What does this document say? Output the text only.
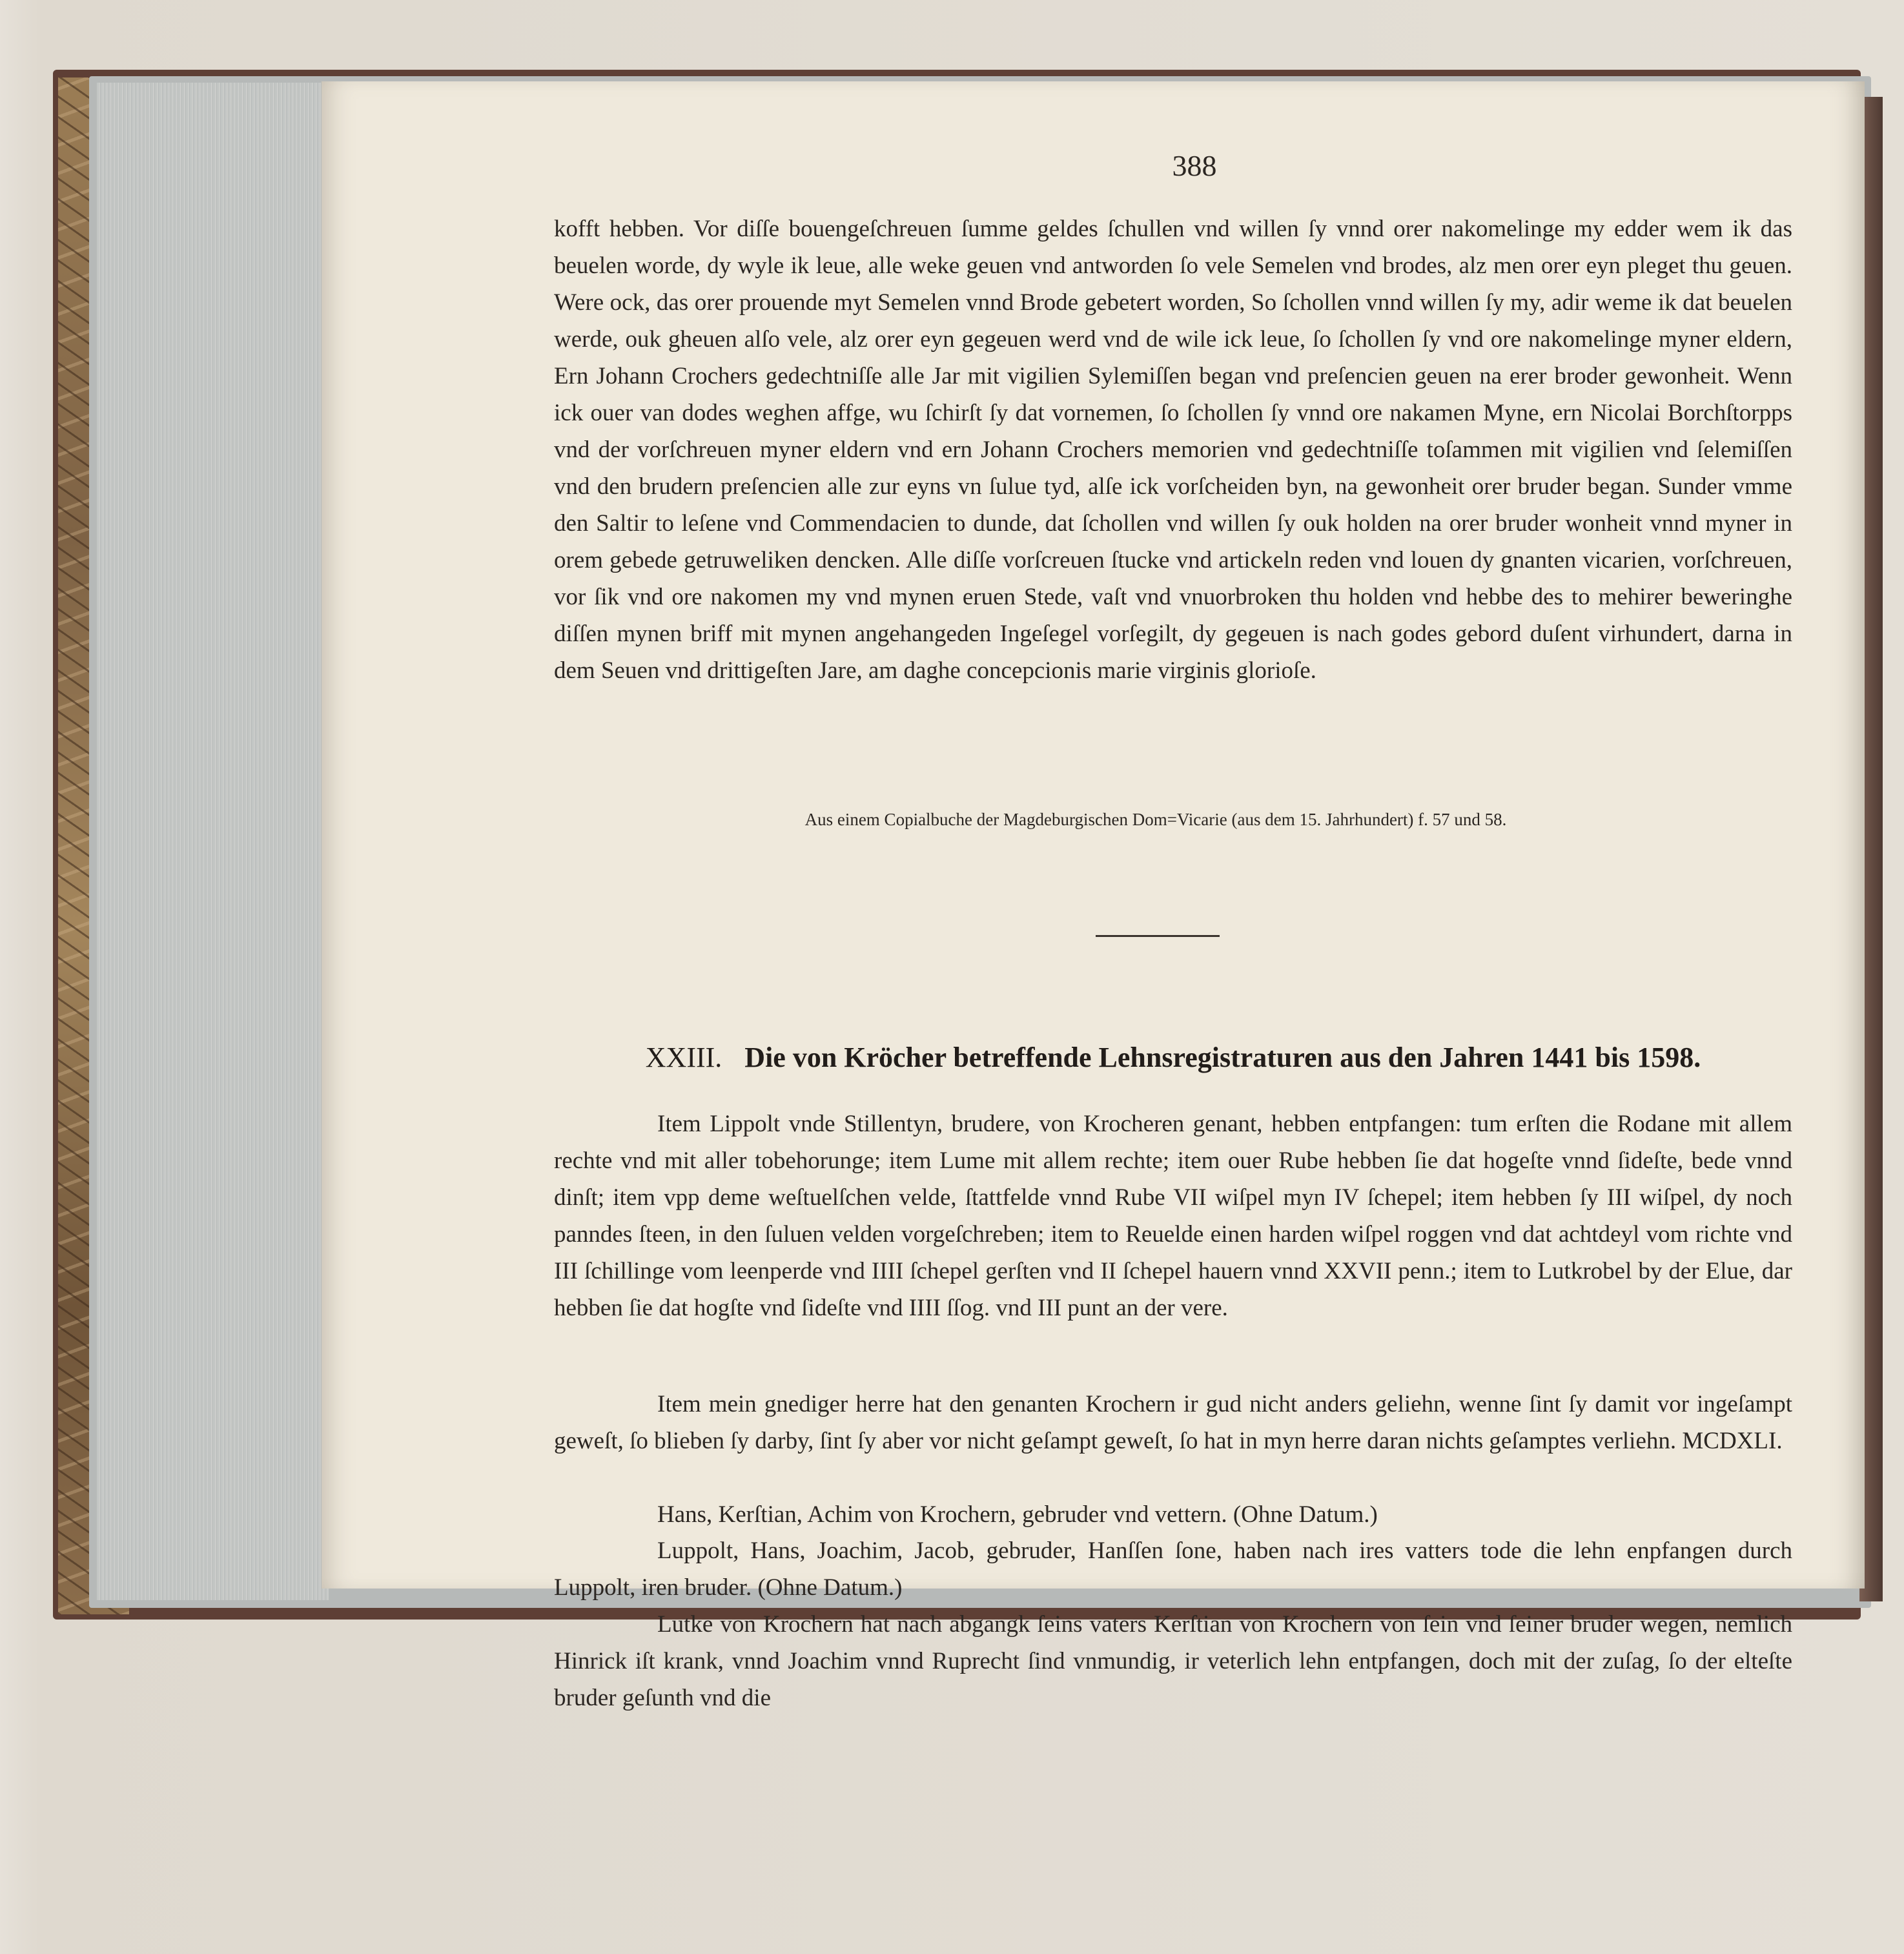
388
kofft hebben. Vor diſſe bouengeſchreuen ſumme geldes ſchullen vnd willen ſy vnnd orer nakomelinge my edder wem ik das beuelen worde, dy wyle ik leue, alle weke geuen vnd antworden ſo vele Semelen vnd brodes, alz men orer eyn pleget thu geuen. Were ock, das orer prouende myt Semelen vnnd Brode gebetert worden, So ſchollen vnnd willen ſy my, adir weme ik dat beuelen werde, ouk gheuen alſo vele, alz orer eyn gegeuen werd vnd de wile ick leue, ſo ſchollen ſy vnd ore nakomelinge myner eldern, Ern Johann Crochers gedechtniſſe alle Jar mit vigilien Sylemiſſen began vnd preſencien geuen na erer broder gewonheit. Wenn ick ouer van dodes weghen affge, wu ſchirſt ſy dat vornemen, ſo ſchollen ſy vnnd ore nakamen Myne, ern Nicolai Borchſtorpps vnd der vorſchreuen myner eldern vnd ern Johann Crochers memorien vnd gedechtniſſe toſammen mit vigilien vnd ſelemiſſen vnd den brudern preſencien alle zur eyns vn ſulue tyd, alſe ick vorſcheiden byn, na gewonheit orer bruder began. Sunder vmme den Saltir to leſene vnd Commendacien to dunde, dat ſchollen vnd willen ſy ouk holden na orer bruder wonheit vnnd myner in orem gebede getruweliken dencken. Alle diſſe vorſcreuen ſtucke vnd artickeln reden vnd louen dy gnanten vicarien, vorſchreuen, vor ſik vnd ore nakomen my vnd mynen eruen Stede, vaſt vnd vnuorbroken thu holden vnd hebbe des to mehirer beweringhe diſſen mynen briff mit mynen angehangeden Ingeſegel vorſegilt, dy gegeuen is nach godes gebord duſent virhundert, darna in dem Seuen vnd drittigeſten Jare, am daghe concepcionis marie virginis glorioſe.
Aus einem Copialbuche der Magdeburgischen Dom=Vicarie (aus dem 15. Jahrhundert) f. 57 und 58.
XXIII. Die von Kröcher betreffende Lehnsregistraturen aus den Jahren 1441 bis 1598.
Item Lippolt vnde Stillentyn, brudere, von Krocheren genant, hebben entpfangen: tum erſten die Rodane mit allem rechte vnd mit aller tobehorunge; item Lume mit allem rechte; item ouer Rube hebben ſie dat hogeſte vnnd ſideſte, bede vnnd dinſt; item vpp deme weſtuelſchen velde, ſtattfelde vnnd Rube VII wiſpel myn IV ſchepel; item hebben ſy III wiſpel, dy noch panndes ſteen, in den ſuluen velden vorgeſchreben; item to Reuelde einen harden wiſpel roggen vnd dat achtdeyl vom richte vnd III ſchillinge vom leenperde vnd IIII ſchepel gerſten vnd II ſchepel hauern vnnd XXVII penn.; item to Lutkrobel by der Elue, dar hebben ſie dat hogſte vnd ſideſte vnd IIII ſſog. vnd III punt an der vere.
Item mein gnediger herre hat den genanten Krochern ir gud nicht anders geliehn, wenne ſint ſy damit vor ingeſampt geweſt, ſo blieben ſy darby, ſint ſy aber vor nicht geſampt geweſt, ſo hat in myn herre daran nichts geſamptes verliehn. MCDXLI.
Hans, Kerſtian, Achim von Krochern, gebruder vnd vettern. (Ohne Datum.)
Luppolt, Hans, Joachim, Jacob, gebruder, Hanſſen ſone, haben nach ires vatters tode die lehn enpfangen durch Luppolt, iren bruder. (Ohne Datum.)
Lutke von Krochern hat nach abgangk ſeins vaters Kerſtian von Krochern von ſein vnd ſeiner bruder wegen, nemlich Hinrick iſt krank, vnnd Joachim vnnd Ruprecht ſind vnmundig, ir veterlich lehn entpfangen, doch mit der zuſag, ſo der elteſte bruder geſunth vnd die
